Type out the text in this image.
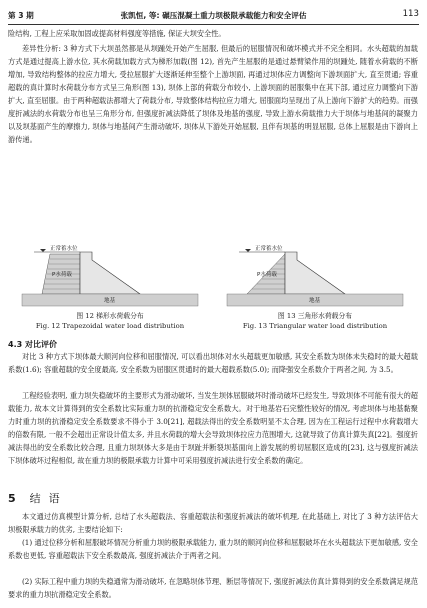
第 3 期	张凯恒, 等: 碾压混凝土重力坝极限承载能力和安全评估	113

险结构, 工程上应采取加固或提高材料强度等措施, 保证大坝安全性。

差异性分析: 3 种方式下大坝虽然都是从坝踵处开始产生屈服, 但最后的屈服情况和破坏模式并不完全相同。水头超载的加载方式是通过提高上游水位, 其水荷载加载方式为梯形加载(图 12), 首先产生屈服的是通过悬臂梁作用的坝踵处, 随着水荷载的不断增加, 导致结构整体的拉应力增大, 受拉屈服扩大逐渐延伸至整个上游坝面, 再通过坝体应力调整向下游坝面扩大, 直至贯通; 容重超载的真计算时水荷载分布方式呈三角形(图 13), 坝体上部的荷载分布较小, 上游坝面的屈服集中在其下部, 通过应力调整向下游扩大, 直至屈服。由于两种超载法都增大了荷载分布, 导致整体结构拉应力增大, 屈服面均呈现出了从上游向下游扩大的趋势。而强度折减法的水荷载分布也呈三角形分布, 但强度折减法降低了坝体及地基的强度, 导致上游水荷载推力大于坝体与地基间的凝聚力以及坝基面产生的摩擦力, 坝体与地基间产生滑动破坏, 坝体从下游处开始屈服, 且伴有坝基的明显屈服, 总体上屈服是由下游向上游传递。

正常蓄水位
P水荷载
地基
正常蓄水位
P水荷载
地基
图 12 梯形水荷载分布
Fig. 12 Trapezoidal water load distribution
图 13 三角形水荷载分布
Fig. 13 Triangular water load distribution
4.3 对比评价

对比 3 种方式下坝体最大顺河向位移和屈服情况, 可以看出坝体对水头超载更加敏感, 其安全系数为坝体未失稳时的最大超载系数(1.6); 容重超载的安全度最高, 安全系数为屈服区贯通时的最大超载系数(5.0); 而降强安全系数介于两者之间, 为 3.5。

工程经验表明, 重力坝失稳破坏的主要形式为滑动破坏, 当发生坝体屈服破坏时滑动破坏已经发生, 导致坝体不可能有很大的超载能力, 故本文计算得到的安全系数比实际重力坝的抗滑稳定安全系数大。对于地基岩石完整性较好的情况, 考虑坝体与地基黏聚力时重力坝的抗滑稳定安全系数要求不得小于 3.0[21], 超载法得出的安全系数明显不太合理, 因为在工程运行过程中水荷载增大的倍数有限, 一般不会超出正常设计值太多, 并且水荷载的增大会导致坝体拉应力范围增大, 这就导致了仿真计算失真[22]。强度折减法得出的安全系数比较合理, 且重力坝坝体大多是由于坝趾并断裂坝基面向上游发展的剪切屈服区造成的[23], 这与强度折减法下坝体破坏过程相似, 故在重力坝的极限承载力计算中可采用强度折减法进行安全系数的确定。

5 结语

本文通过仿真模型计算分析, 总结了水头超载法、容重超载法和强度折减法的破坏机理, 在此基础上, 对比了 3 种方法评估大坝极限承载力的优劣, 主要结论如下:

(1) 通过位移分析和屈服破坏情况分析重力坝的极限承载能力, 重力坝的顺河向位移和屈服破坏在水头超载法下更加敏感, 安全系数也更低, 容重超载法下安全系数最高, 强度折减法介于两者之间。

(2) 实际工程中重力坝的失稳通常为滑动破坏, 在忽略坝体节理、断层等情况下, 强度折减法仿真计算得到的安全系数满足规范要求的重力坝抗滑稳定安全系数。
